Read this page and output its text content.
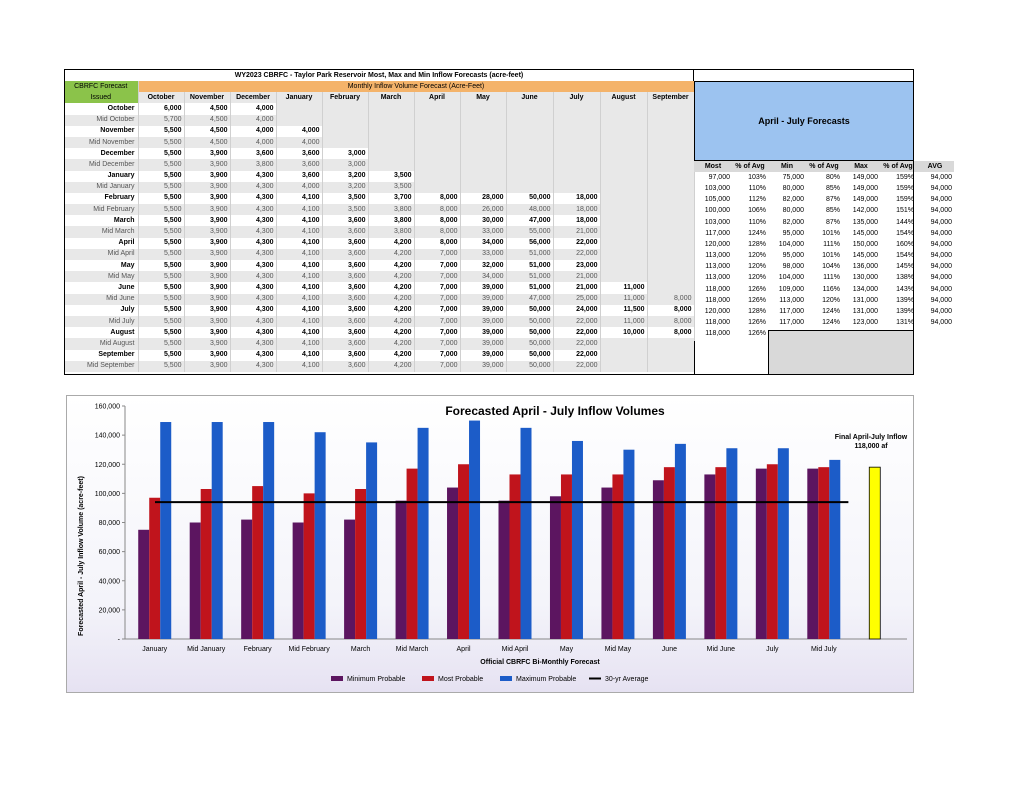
WY2023 CBRFC - Taylor Park Reservoir Most, Max and Min Inflow Forecasts (acre-feet)
CBRFC Forecast	Monthly Inflow Volume Forecast (Acre-Feet)											
Issued	October	November	December	January	February	March	April	May	June	July	August	September
October	6,000	4,500	4,000									
Mid October	5,700	4,500	4,000									
November	5,500	4,500	4,000	4,000								
Mid November	5,500	4,500	4,000	4,000								
December	5,500	3,900	3,600	3,600	3,000							
Mid December	5,500	3,900	3,800	3,600	3,000							
January	5,500	3,900	4,300	3,600	3,200	3,500						
Mid January	5,500	3,900	4,300	4,000	3,200	3,500						
February	5,500	3,900	4,300	4,100	3,500	3,700	8,000	28,000	50,000	18,000		
Mid February	5,500	3,900	4,300	4,100	3,500	3,800	8,000	26,000	48,000	18,000		
March	5,500	3,900	4,300	4,100	3,600	3,800	8,000	30,000	47,000	18,000		
Mid March	5,500	3,900	4,300	4,100	3,600	3,800	8,000	33,000	55,000	21,000		
April	5,500	3,900	4,300	4,100	3,600	4,200	8,000	34,000	56,000	22,000		
Mid April	5,500	3,900	4,300	4,100	3,600	4,200	7,000	33,000	51,000	22,000		
May	5,500	3,900	4,300	4,100	3,600	4,200	7,000	32,000	51,000	23,000		
Mid May	5,500	3,900	4,300	4,100	3,600	4,200	7,000	34,000	51,000	21,000		
June	5,500	3,900	4,300	4,100	3,600	4,200	7,000	39,000	51,000	21,000	11,000	
Mid June	5,500	3,900	4,300	4,100	3,600	4,200	7,000	39,000	47,000	25,000	11,000	8,000
July	5,500	3,900	4,300	4,100	3,600	4,200	7,000	39,000	50,000	24,000	11,500	8,000
Mid July	5,500	3,900	4,300	4,100	3,600	4,200	7,000	39,000	50,000	22,000	11,000	8,000
August	5,500	3,900	4,300	4,100	3,600	4,200	7,000	39,000	50,000	22,000	10,000	8,000
Mid August	5,500	3,900	4,300	4,100	3,600	4,200	7,000	39,000	50,000	22,000		
September	5,500	3,900	4,300	4,100	3,600	4,200	7,000	39,000	50,000	22,000		
Mid September	5,500	3,900	4,300	4,100	3,600	4,200	7,000	39,000	50,000	22,000		
April - July Forecasts
Most	% of Avg	Min	% of Avg	Max	% of Avg	AVG
97,000	103%	75,000	80%	149,000	159%	94,000
103,000	110%	80,000	85%	149,000	159%	94,000
105,000	112%	82,000	87%	149,000	159%	94,000
100,000	106%	80,000	85%	142,000	151%	94,000
103,000	110%	82,000	87%	135,000	144%	94,000
117,000	124%	95,000	101%	145,000	154%	94,000
120,000	128%	104,000	111%	150,000	160%	94,000
113,000	120%	95,000	101%	145,000	154%	94,000
113,000	120%	98,000	104%	136,000	145%	94,000
113,000	120%	104,000	111%	130,000	138%	94,000
118,000	126%	109,000	116%	134,000	143%	94,000
118,000	126%	113,000	120%	131,000	139%	94,000
120,000	128%	117,000	124%	131,000	139%	94,000
118,000	126%	117,000	124%	123,000	131%	94,000
118,000	126%					
Forecasted April - July Inflow Volumes
Official CBRFC Bi-Monthly Forecast
Forecasted April - July Inflow Volume (acre-feet)
Final April-July Inflow
118,000 af
-
20,000
40,000
60,000
80,000
100,000
120,000
140,000
160,000
January	Mid January	February Mid February	March	Mid March	April	Mid April	May	Mid May	June	Mid June	July	Mid July
Minimum Probable	Most Probable	Maximum Probable	30-yr Average
